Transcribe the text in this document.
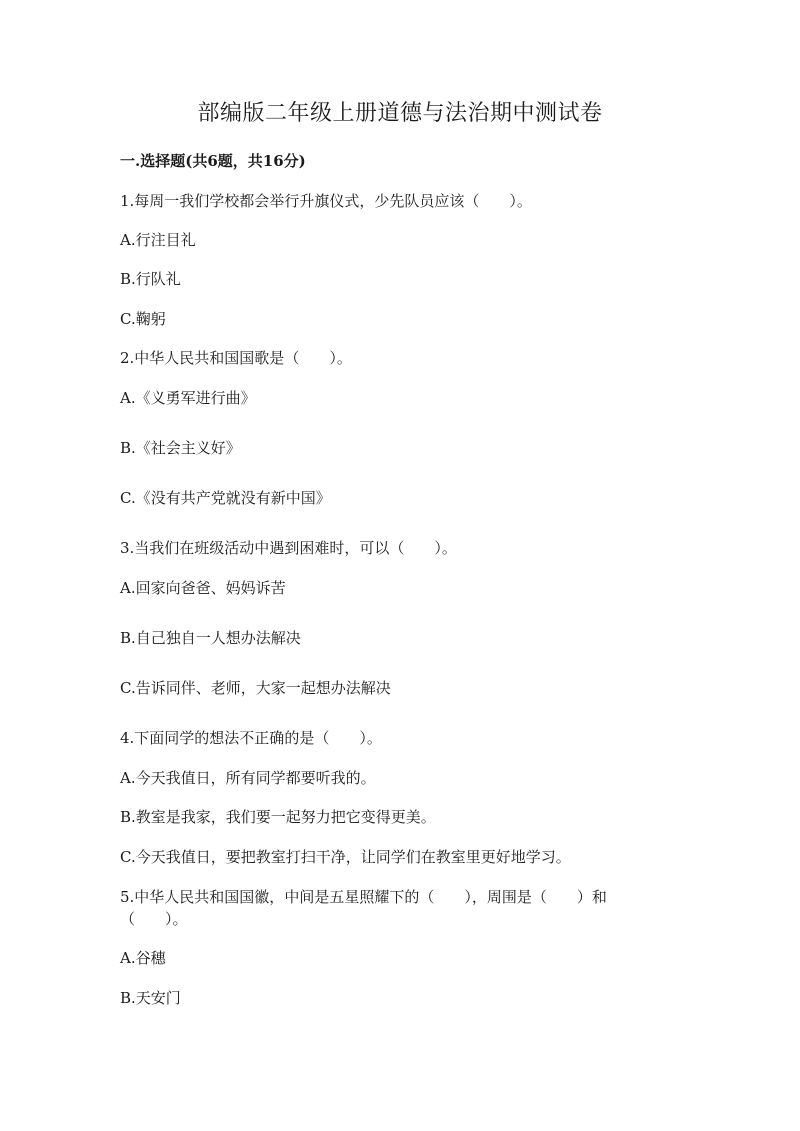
部编版二年级上册道德与法治期中测试卷
一.选择题(共6题，共16分)
1.每周一我们学校都会举行升旗仪式，少先队员应该（　　）。
A.行注目礼
B.行队礼
C.鞠躬
2.中华人民共和国国歌是（　　）。
A.《义勇军进行曲》
B.《社会主义好》
C.《没有共产党就没有新中国》
3.当我们在班级活动中遇到困难时，可以（　　）。
A.回家向爸爸、妈妈诉苦
B.自己独自一人想办法解决
C.告诉同伴、老师，大家一起想办法解决
4.下面同学的想法不正确的是（　　）。
A.今天我值日，所有同学都要听我的。
B.教室是我家，我们要一起努力把它变得更美。
C.今天我值日，要把教室打扫干净，让同学们在教室里更好地学习。
5.中华人民共和国国徽，中间是五星照耀下的（　　），周围是（　　）和
（　　）。
A.谷穗
B.天安门
